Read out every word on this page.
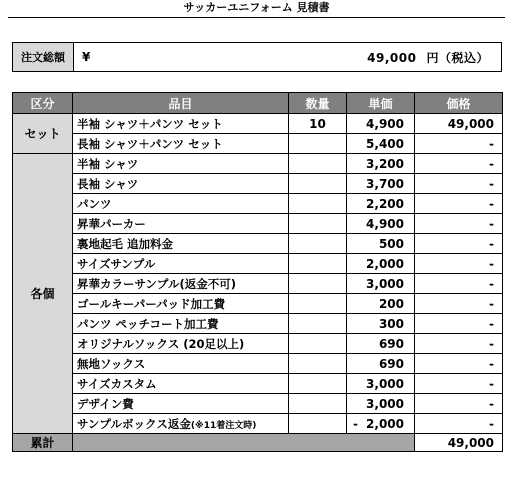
サッカーユニフォーム 見積書
注文総額	¥	49,000 円（税込）
区分	品目	数量	単価	価格
セット	半袖 シャツ＋パンツ セット	10	4,900	49,000
	長袖 シャツ＋パンツ セット		5,400	-
各個	半袖 シャツ		3,200	-
	長袖 シャツ		3,700	-
	パンツ		2,200	-
	昇華パーカー		4,900	-
	裏地起毛 追加料金		500	-
	サイズサンプル		2,000	-
	昇華カラーサンプル(返金不可)		3,000	-
	ゴールキーパーパッド加工費		200	-
	パンツ ペッチコート加工費		300	-
	オリジナルソックス (20足以上)		690	-
	無地ソックス		690	-
	サイズカスタム		3,000	-
	デザイン費		3,000	-
	サンプルボックス返金(※11着注文時)		- 2,000	-
累計				49,000
